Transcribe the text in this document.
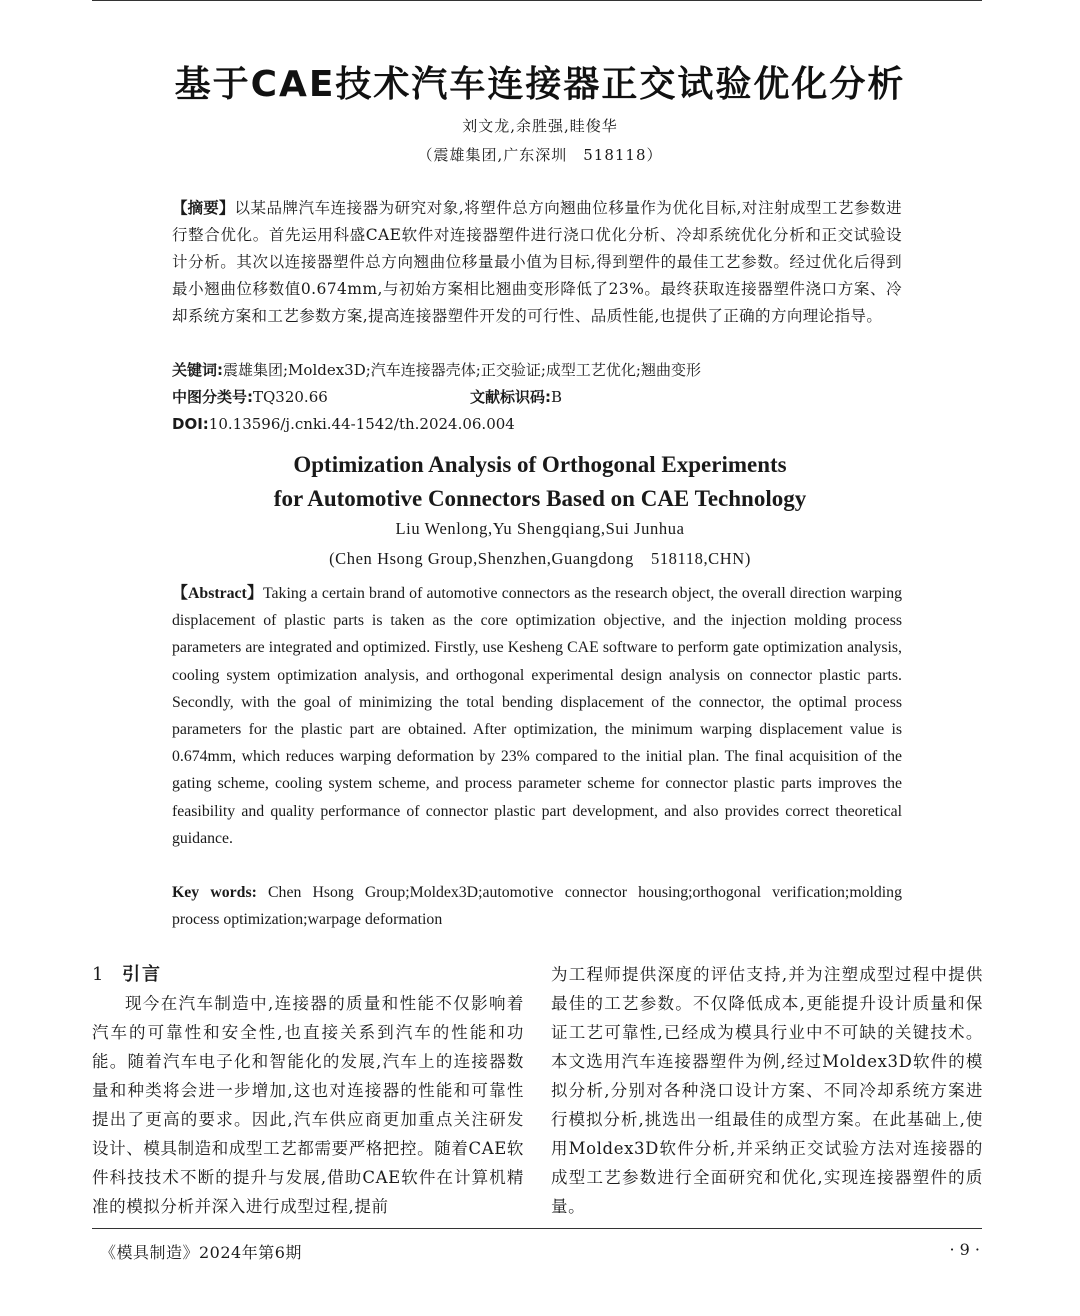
基于CAE技术汽车连接器正交试验优化分析
刘文龙,余胜强,眭俊华
（震雄集团,广东深圳　518118）
【摘要】以某品牌汽车连接器为研究对象,将塑件总方向翘曲位移量作为优化目标,对注射成型工艺参数进行整合优化。首先运用科盛CAE软件对连接器塑件进行浇口优化分析、冷却系统优化分析和正交试验设计分析。其次以连接器塑件总方向翘曲位移量最小值为目标,得到塑件的最佳工艺参数。经过优化后得到最小翘曲位移数值0.674mm,与初始方案相比翘曲变形降低了23%。最终获取连接器塑件浇口方案、冷却系统方案和工艺参数方案,提高连接器塑件开发的可行性、品质性能,也提供了正确的方向理论指导。
关键词:震雄集团;Moldex3D;汽车连接器壳体;正交验证;成型工艺优化;翘曲变形
中图分类号:TQ320.66	文献标识码:B
DOI:10.13596/j.cnki.44-1542/th.2024.06.004
Optimization Analysis of Orthogonal Experiments
for Automotive Connectors Based on CAE Technology
Liu Wenlong,Yu Shengqiang,Sui Junhua
(Chen Hsong Group,Shenzhen,Guangdong　518118,CHN)
【Abstract】Taking a certain brand of automotive connectors as the research object, the overall direction warping displacement of plastic parts is taken as the core optimization objective, and the injection molding process parameters are integrated and optimized. Firstly, use Kesheng CAE software to perform gate optimization analysis, cooling system optimization analysis, and orthogonal experimental design analysis on connector plastic parts. Secondly, with the goal of minimizing the total bending displacement of the connector, the optimal process parameters for the plastic part are obtained. After optimization, the minimum warping displacement value is 0.674mm, which reduces warping deformation by 23% compared to the initial plan. The final acquisition of the gating scheme, cooling system scheme, and process parameter scheme for connector plastic parts improves the feasibility and quality performance of connector plastic part development, and also provides correct theoretical guidance.
Key words: Chen Hsong Group;Moldex3D;automotive connector housing;orthogonal verification;molding process optimization;warpage deformation

1 引言

现今在汽车制造中,连接器的质量和性能不仅影响着汽车的可靠性和安全性,也直接关系到汽车的性能和功能。随着汽车电子化和智能化的发展,汽车上的连接器数量和种类将会进一步增加,这也对连接器的性能和可靠性提出了更高的要求。因此,汽车供应商更加重点关注研发设计、模具制造和成型工艺都需要严格把控。随着CAE软件科技技术不断的提升与发展,借助CAE软件在计算机精准的模拟分析并深入进行成型过程,提前

为工程师提供深度的评估支持,并为注塑成型过程中提供最佳的工艺参数。不仅降低成本,更能提升设计质量和保证工艺可靠性,已经成为模具行业中不可缺的关键技术。本文选用汽车连接器塑件为例,经过Moldex3D软件的模拟分析,分别对各种浇口设计方案、不同冷却系统方案进行模拟分析,挑选出一组最佳的成型方案。在此基础上,使用Moldex3D软件分析,并采纳正交试验方法对连接器的成型工艺参数进行全面研究和优化,实现连接器塑件的质量。

《模具制造》2024年第6期	· 9 ·
